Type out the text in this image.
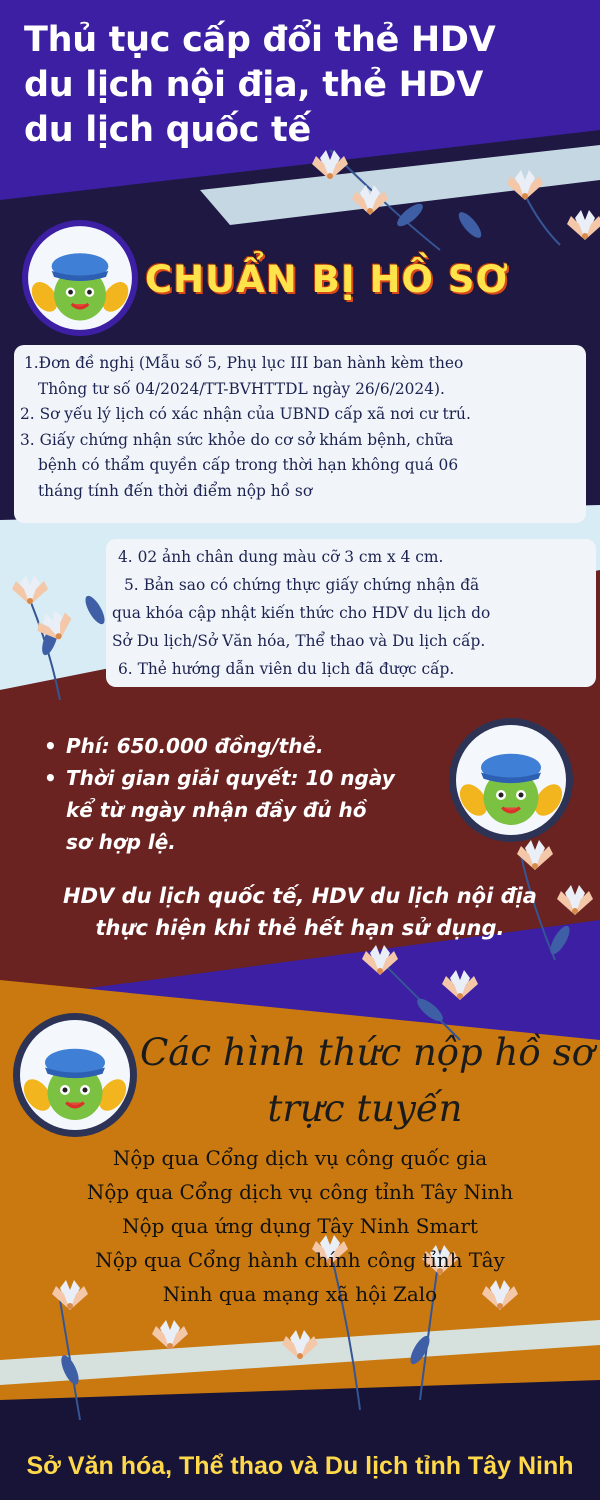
Thủ tục cấp đổi thẻ HDV
du lịch nội địa, thẻ HDV
du lịch quốc tế
CHUẨN BỊ HỒ SƠ
1.Đơn đề nghị (Mẫu số 5, Phụ lục III ban hành kèm theo
Thông tư số 04/2024/TT-BVHTTDL ngày 26/6/2024).
2. Sơ yếu lý lịch có xác nhận của UBND cấp xã nơi cư trú.
3. Giấy chứng nhận sức khỏe do cơ sở khám bệnh, chữa
bệnh có thẩm quyền cấp trong thời hạn không quá 06
tháng tính đến thời điểm nộp hồ sơ
4. 02 ảnh chân dung màu cỡ 3 cm x 4 cm.
5. Bản sao có chứng thực giấy chứng nhận đã
qua khóa cập nhật kiến thức cho HDV du lịch do
Sở Du lịch/Sở Văn hóa, Thể thao và Du lịch cấp.
6. Thẻ hướng dẫn viên du lịch đã được cấp.
• Phí: 650.000 đồng/thẻ.
• Thời gian giải quyết: 10 ngày
kể từ ngày nhận đầy đủ hồ
sơ hợp lệ.
HDV du lịch quốc tế, HDV du lịch nội địa
thực hiện khi thẻ hết hạn sử dụng.
Các hình thức nộp hồ sơ
trực tuyến
Nộp qua Cổng dịch vụ công quốc gia
Nộp qua Cổng dịch vụ công tỉnh Tây Ninh
Nộp qua ứng dụng Tây Ninh Smart
Nộp qua Cổng hành chính công tỉnh Tây
Ninh qua mạng xã hội Zalo
Sở Văn hóa, Thể thao và Du lịch tỉnh Tây Ninh
